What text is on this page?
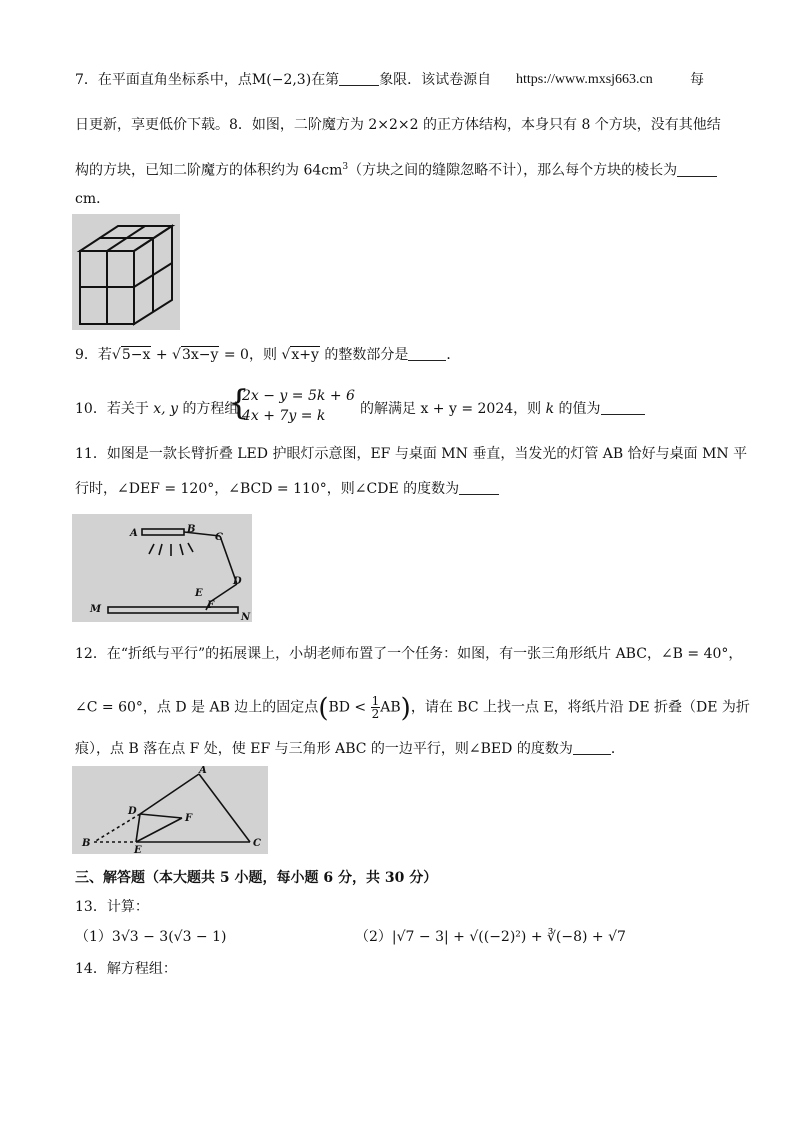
7．在平面直角坐标系中，点M(−2,3)在第	象限．该试卷源自 https://www.mxsj663.cn	每
日更新，享更低价下载。8．如图，二阶魔方为 2×2×2 的正方体结构，本身只有 8 个方块，没有其他结
构的方块，已知二阶魔方的体积约为 $64cm^3$（方块之间的缝隙忽略不计），那么每个方块的棱长为
cm．
9．若√5−x + √3x−y = 0，则 √x+y 的整数部分是	．
10．若关于 x, y 的方程组
{
2x − y = 5k + 6
4x + 7y = k 的解满足 x + y = 2024，则 k 的值为
11．如图是一款长臂折叠 LED 护眼灯示意图，EF 与桌面 MN 垂直，当发光的灯管 AB 恰好与桌面 MN 平
行时，∠DEF = 120°，∠BCD = 110°，则∠CDE 的度数为
A	B
C
D
E
F
M
N
12．在“折纸与平行”的拓展课上，小胡老师布置了一个任务：如图，有一张三角形纸片 ABC，∠B = 40°，
∠C = 60°，点 D 是 AB 边上的固定点$(BD < \frac{1}{2} AB)$，请在 BC 上找一点 E，将纸片沿 DE 折叠（DE 为折
痕），点 B 落在点 F 处，使 EF 与三角形 ABC 的一边平行，则∠BED 的度数为	．
A
B	C
D
E
F
三、解答题（本大题共 5 小题，每小题 6 分，共 30 分）
13．计算：
（1）3√3 − 3(√3 − 1)	（2）|√7 − 3| + √((−2)²) + ∛(−8) + √7
14．解方程组：
